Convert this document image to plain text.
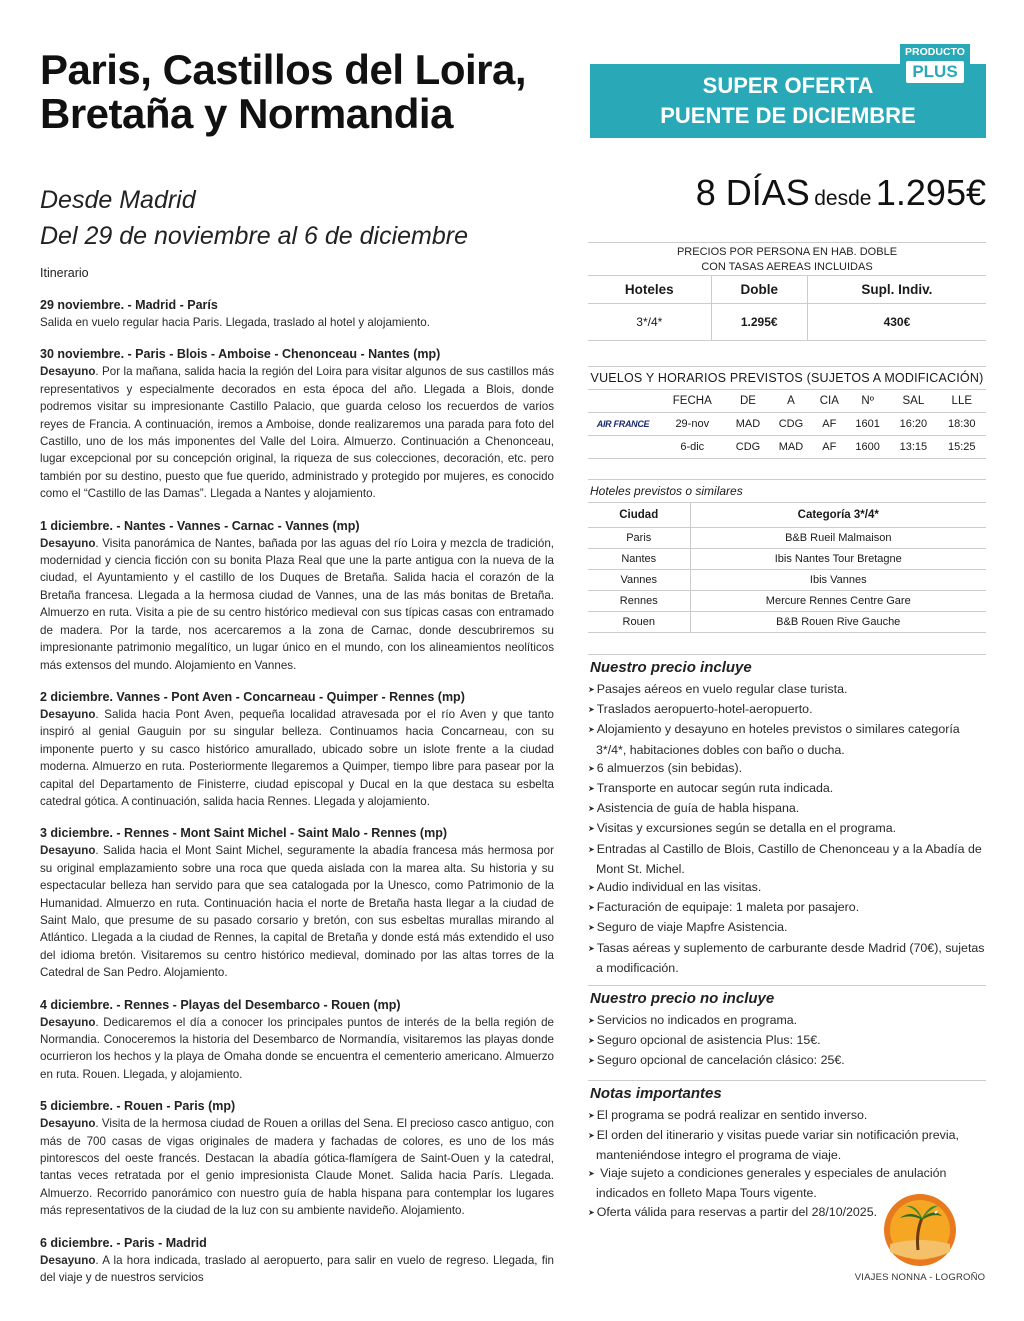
Paris, Castillos del Loira,
Bretaña y Normandia
Desde Madrid
Del 29 de noviembre al 6 de diciembre
Itinerario
29 noviembre. - Madrid - París
Salida en vuelo regular hacia Paris. Llegada, traslado al hotel y alojamiento.
30 noviembre. - Paris - Blois - Amboise - Chenonceau - Nantes (mp)
Desayuno. Por la mañana, salida hacia la región del Loira para visitar algunos de sus castillos más representativos y especialmente decorados en esta época del año. Llegada a Blois, donde podremos visitar su impresionante Castillo Palacio, que guarda celoso los recuerdos de varios reyes de Francia. A continuación, iremos a Amboise, donde realizaremos una parada para foto del Castillo, uno de los más imponentes del Valle del Loira. Almuerzo. Continuación a Chenonceau, lugar excepcional por su concepción original, la riqueza de sus colecciones, decoración, etc. pero también por su destino, puesto que fue querido, administrado y protegido por mujeres, es conocido como el “Castillo de las Damas”. Llegada a Nantes y alojamiento.
1 diciembre. - Nantes - Vannes - Carnac - Vannes (mp)
Desayuno. Visita panorámica de Nantes, bañada por las aguas del río Loira y mezcla de tradición, modernidad y ciencia ficción con su bonita Plaza Real que une la parte antigua con la nueva de la ciudad, el Ayuntamiento y el castillo de los Duques de Bretaña. Salida hacia el corazón de la Bretaña francesa. Llegada a la hermosa ciudad de Vannes, una de las más bonitas de Bretaña. Almuerzo en ruta. Visita a pie de su centro histórico medieval con sus típicas casas con entramado de madera. Por la tarde, nos acercaremos a la zona de Carnac, donde descubriremos su impresionante patrimonio megalítico, un lugar único en el mundo, con los alineamientos neolíticos más extensos del mundo. Alojamiento en Vannes.
2 diciembre. Vannes - Pont Aven - Concarneau - Quimper - Rennes (mp)
Desayuno. Salida hacia Pont Aven, pequeña localidad atravesada por el río Aven y que tanto inspiró al genial Gauguin por su singular belleza. Continuamos hacia Concarneau, con su imponente puerto y su casco histórico amurallado, ubicado sobre un islote frente a la ciudad moderna. Almuerzo en ruta. Posteriormente llegaremos a Quimper, tiempo libre para pasear por la capital del Departamento de Finisterre, ciudad episcopal y Ducal en la que destaca su esbelta catedral gótica. A continuación, salida hacia Rennes. Llegada y alojamiento.
3 diciembre. - Rennes - Mont Saint Michel - Saint Malo - Rennes (mp)
Desayuno. Salida hacia el Mont Saint Michel, seguramente la abadía francesa más hermosa por su original emplazamiento sobre una roca que queda aislada con la marea alta. Su historia y su espectacular belleza han servido para que sea catalogada por la Unesco, como Patrimonio de la Humanidad. Almuerzo en ruta. Continuación hacia el norte de Bretaña hasta llegar a la ciudad de Saint Malo, que presume de su pasado corsario y bretón, con sus esbeltas murallas mirando al Atlántico. Llegada a la ciudad de Rennes, la capital de Bretaña y donde está más extendido el uso del idioma bretón. Visitaremos su centro histórico medieval, dominado por las altas torres de la Catedral de San Pedro. Alojamiento.
4 diciembre. - Rennes - Playas del Desembarco - Rouen (mp)
Desayuno. Dedicaremos el día a conocer los principales puntos de interés de la bella región de Normandia. Conoceremos la historia del Desembarco de Normandía, visitaremos las playas donde ocurrieron los hechos y la playa de Omaha donde se encuentra el cementerio americano. Almuerzo en ruta. Rouen. Llegada, y alojamiento.
5 diciembre. - Rouen - Paris (mp)
Desayuno. Visita de la hermosa ciudad de Rouen a orillas del Sena. El precioso casco antiguo, con más de 700 casas de vigas originales de madera y fachadas de colores, es uno de los más pintorescos del oeste francés. Destacan la abadía gótica-flamígera de Saint-Ouen y la catedral, tantas veces retratada por el genio impresionista Claude Monet. Salida hacia París. Llegada. Almuerzo. Recorrido panorámico con nuestro guía de habla hispana para contemplar los lugares más representativos de la ciudad de la luz con su ambiente navideño. Alojamiento.
6 diciembre. - Paris - Madrid
Desayuno. A la hora indicada, traslado al aeropuerto, para salir en vuelo de regreso. Llegada, fin del viaje y de nuestros servicios
SUPER OFERTA
PUENTE DE DICIEMBRE
PRODUCTO
PLUS
8 DÍAS desde 1.295€
PRECIOS POR PERSONA EN HAB. DOBLE
CON TASAS AEREAS INCLUIDAS
Hoteles	Doble	Supl. Indiv.
3*/4*	1.295€	430€
VUELOS Y HORARIOS PREVISTOS (SUJETOS A MODIFICACIÓN)
	FECHA	DE	A	CIA	Nº	SAL	LLE
AIR FRANCE	29-nov	MAD	CDG	AF	1601	16:20	18:30
	6-dic	CDG	MAD	AF	1600	13:15	15:25
Hoteles previstos o similares
Ciudad	Categoría 3*/4*
Paris	B&B Rueil Malmaison
Nantes	Ibis Nantes Tour Bretagne
Vannes	Ibis Vannes
Rennes	Mercure Rennes Centre Gare
Rouen	B&B Rouen Rive Gauche
Nuestro precio incluye
➤ Pasajes aéreos en vuelo regular clase turista.
➤ Traslados aeropuerto-hotel-aeropuerto.
➤ Alojamiento y desayuno en hoteles previstos o similares categoría 3*/4*, habitaciones dobles con baño o ducha.
➤ 6 almuerzos (sin bebidas).
➤ Transporte en autocar según ruta indicada.
➤ Asistencia de guía de habla hispana.
➤ Visitas y excursiones según se detalla en el programa.
➤ Entradas al Castillo de Blois, Castillo de Chenonceau y a la Abadía de Mont St. Michel.
➤ Audio individual en las visitas.
➤ Facturación de equipaje: 1 maleta por pasajero.
➤ Seguro de viaje Mapfre Asistencia.
➤ Tasas aéreas y suplemento de carburante desde Madrid (70€), sujetas a modificación.
Nuestro precio no incluye
➤ Servicios no indicados en programa.
➤ Seguro opcional de asistencia Plus: 15€.
➤ Seguro opcional de cancelación clásico: 25€.
Notas importantes
➤ El programa se podrá realizar en sentido inverso.
➤ El orden del itinerario y visitas puede variar sin notificación previa, manteniéndose integro el programa de viaje.
➤ Viaje sujeto a condiciones generales y especiales de anulación indicados en folleto Mapa Tours vigente.
➤ Oferta válida para reservas a partir del 28/10/2025.
VIAJES NONNA - LOGROÑO
